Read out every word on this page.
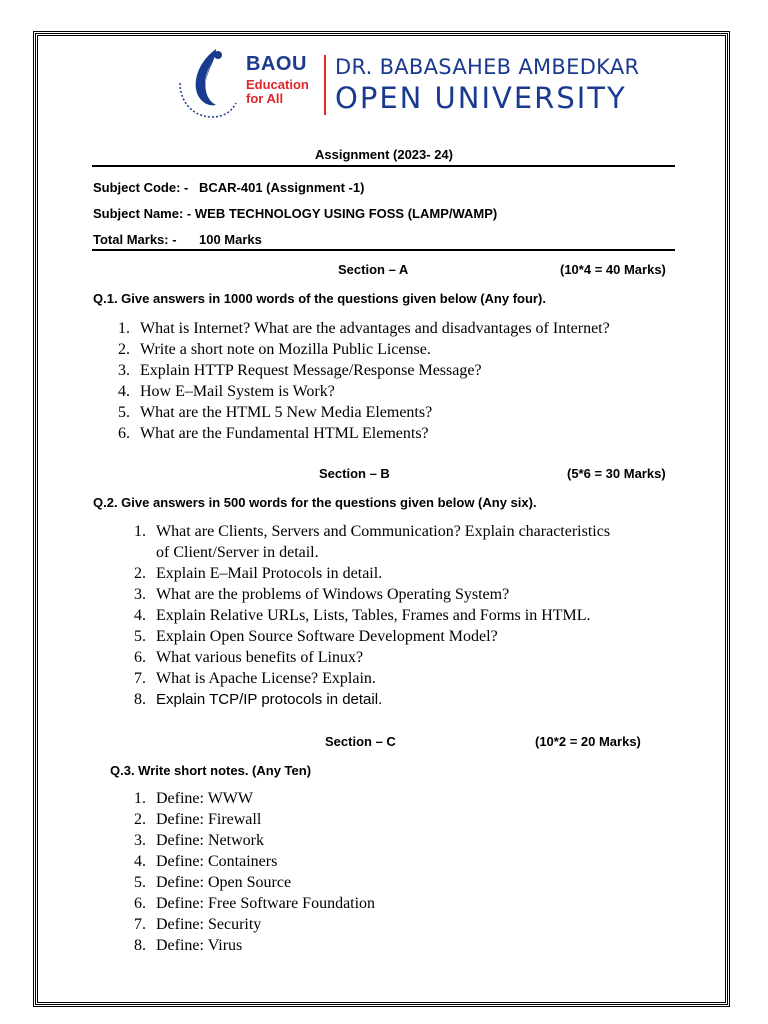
BAOU
Education
for All
DR. BABASAHEB AMBEDKAR
OPEN UNIVERSITY
Assignment (2023- 24)
Subject Code: - BCAR-401 (Assignment -1)
Subject Name: - WEB TECHNOLOGY USING FOSS (LAMP/WAMP)
Total Marks: - 100 Marks
Section – A	(10*4 = 40 Marks)
Q.1. Give answers in 1000 words of the questions given below (Any four).
1. What is Internet? What are the advantages and disadvantages of Internet?

2. Write a short note on Mozilla Public License.

3. Explain HTTP Request Message/Response Message?

4. How E–Mail System is Work?

5. What are the HTML 5 New Media Elements?

6. What are the Fundamental HTML Elements?

Section – B	(5*6 = 30 Marks)
Q.2. Give answers in 500 words for the questions given below (Any six).
1. What are Clients, Servers and Communication? Explain characteristics

of Client/Server in detail.

2. Explain E–Mail Protocols in detail.

3. What are the problems of Windows Operating System?

4. Explain Relative URLs, Lists, Tables, Frames and Forms in HTML.

5. Explain Open Source Software Development Model?

6. What various benefits of Linux?

7. What is Apache License? Explain.

8. Explain TCP/IP protocols in detail.

Section – C	(10*2 = 20 Marks)
Q.3. Write short notes. (Any Ten)
1. Define: WWW

2. Define: Firewall

3. Define: Network

4. Define: Containers

5. Define: Open Source

6. Define: Free Software Foundation

7. Define: Security

8. Define: Virus
